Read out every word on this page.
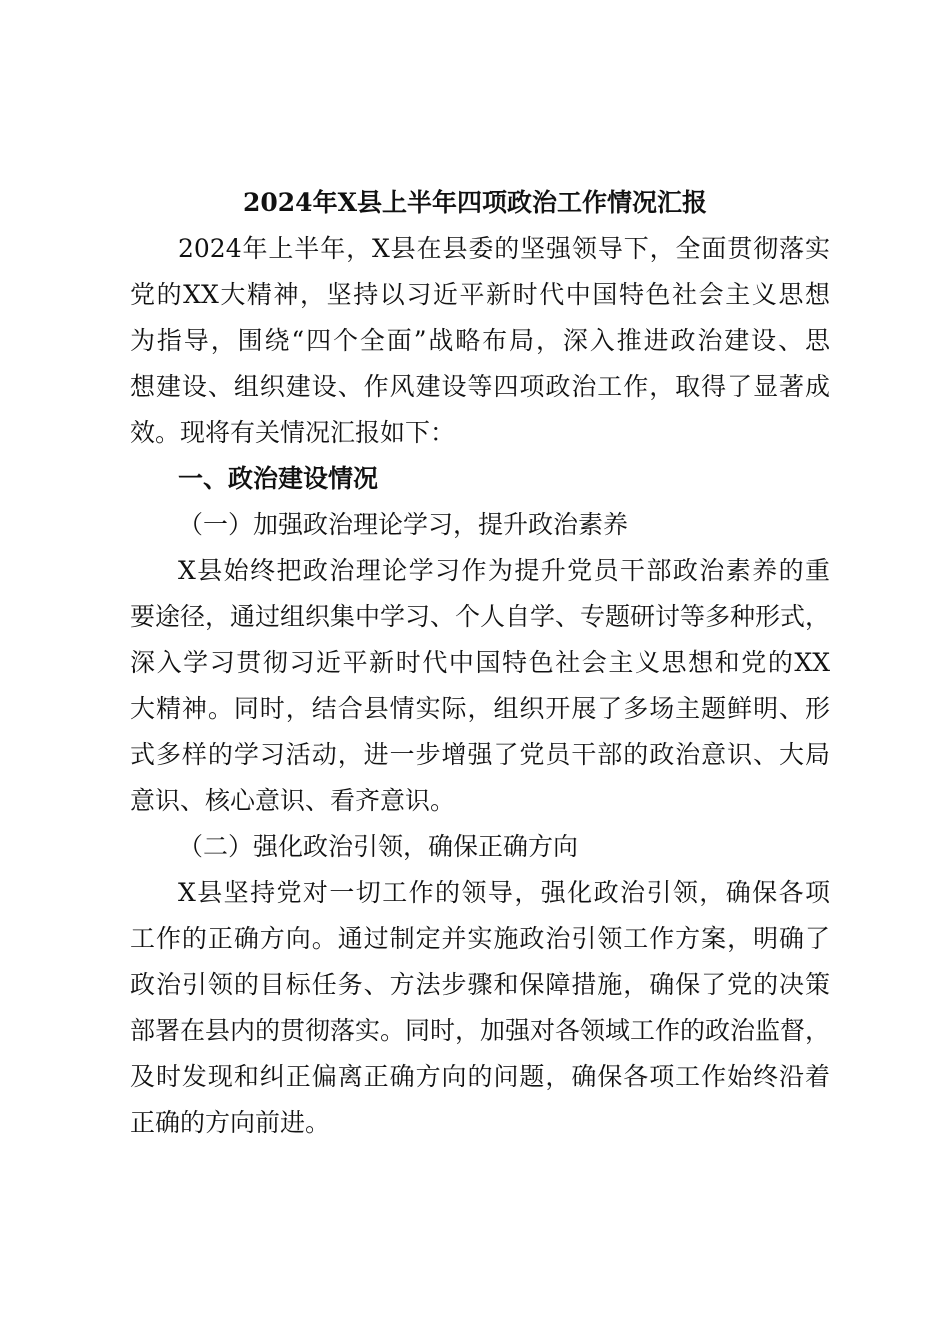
2024年X县上半年四项政治工作情况汇报
2024年上半年，X县在县委的坚强领导下，全面贯彻落实
党的XX大精神，坚持以习近平新时代中国特色社会主义思想
为指导，围绕“四个全面”战略布局，深入推进政治建设、思
想建设、组织建设、作风建设等四项政治工作，取得了显著成
效。现将有关情况汇报如下：
一、政治建设情况
（一）加强政治理论学习，提升政治素养
X县始终把政治理论学习作为提升党员干部政治素养的重
要途径，通过组织集中学习、个人自学、专题研讨等多种形式，
深入学习贯彻习近平新时代中国特色社会主义思想和党的XX
大精神。同时，结合县情实际，组织开展了多场主题鲜明、形
式多样的学习活动，进一步增强了党员干部的政治意识、大局
意识、核心意识、看齐意识。
（二）强化政治引领，确保正确方向
X县坚持党对一切工作的领导，强化政治引领，确保各项
工作的正确方向。通过制定并实施政治引领工作方案，明确了
政治引领的目标任务、方法步骤和保障措施，确保了党的决策
部署在县内的贯彻落实。同时，加强对各领域工作的政治监督，
及时发现和纠正偏离正确方向的问题，确保各项工作始终沿着
正确的方向前进。
